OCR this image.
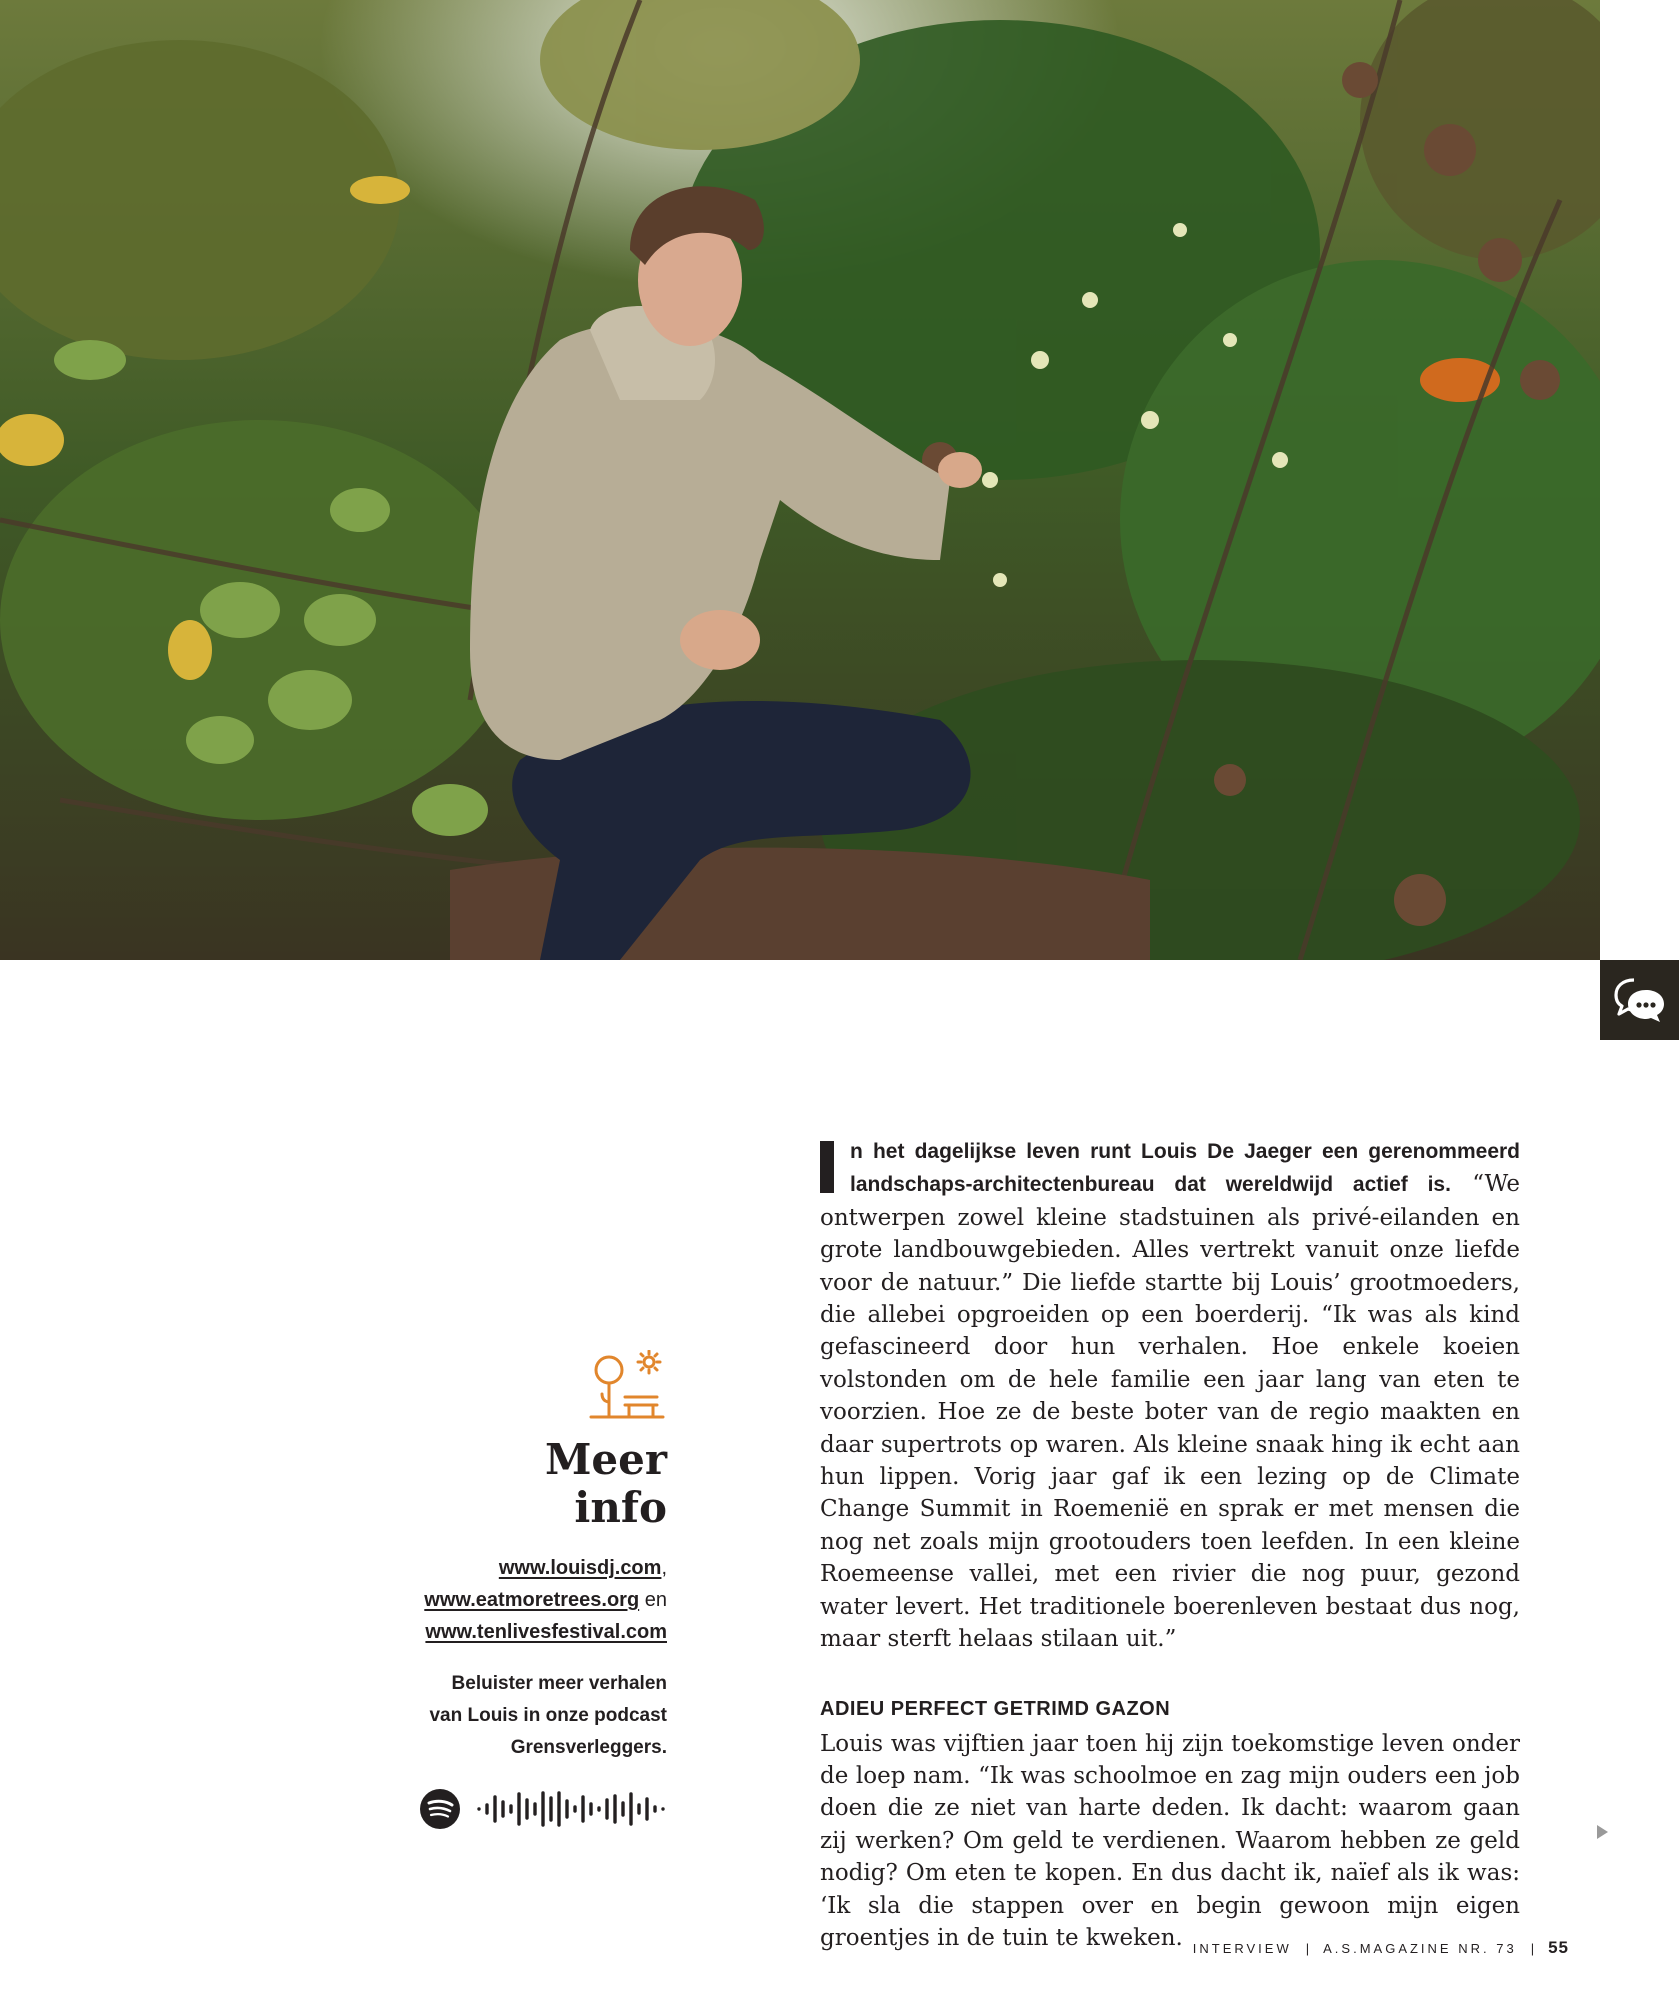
Meer
info
www.louisdj.com,
www.eatmoretrees.org en
www.tenlivesfestival.com
Beluister meer verhalen
van Louis in onze podcast
Grensverleggers.

n het dagelijkse leven runt Louis De Jaeger een gerenommeerd landschaps-architectenbureau dat wereldwijd actief is. “We ontwerpen zowel kleine stadstuinen als privé-eilanden en grote landbouwgebieden. Alles vertrekt vanuit onze liefde voor de natuur.” Die liefde startte bij Louis’ grootmoeders, die allebei opgroeiden op een boerderij. “Ik was als kind gefascineerd door hun verhalen. Hoe enkele koeien volstonden om de hele familie een jaar lang van eten te voorzien. Hoe ze de beste boter van de regio maakten en daar supertrots op waren. Als kleine snaak hing ik echt aan hun lippen. Vorig jaar gaf ik een lezing op de Climate Change Summit in Roemenië en sprak er met mensen die nog net zoals mijn grootouders toen leefden. In een kleine Roemeense vallei, met een rivier die nog puur, gezond water levert. Het traditionele boerenleven bestaat dus nog, maar sterft helaas stilaan uit.”

ADIEU PERFECT GETRIMD GAZON

Louis was vijftien jaar toen hij zijn toekomstige leven onder de loep nam. “Ik was schoolmoe en zag mijn ouders een job doen die ze niet van harte deden. Ik dacht: waarom gaan zij werken? Om geld te verdienen. Waarom hebben ze geld nodig? Om eten te kopen. En dus dacht ik, naïef als ik was: ‘Ik sla die stappen over en begin gewoon mijn eigen groentjes in de tuin te kweken. INTERVIEW | A.S.MAGAZINE NR. 73 | 55
